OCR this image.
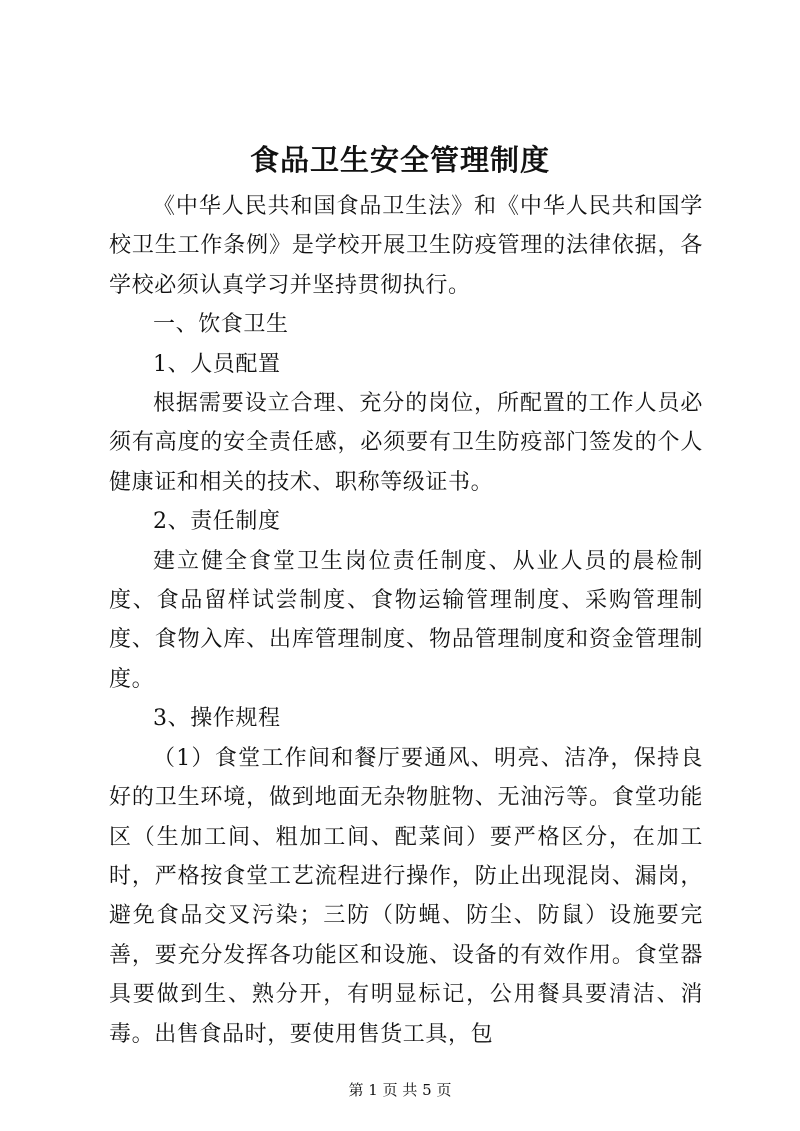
食品卫生安全管理制度

《中华人民共和国食品卫生法》和《中华人民共和国学校卫生工作条例》是学校开展卫生防疫管理的法律依据，各学校必须认真学习并坚持贯彻执行。

一、饮食卫生

1、人员配置

根据需要设立合理、充分的岗位，所配置的工作人员必须有高度的安全责任感，必须要有卫生防疫部门签发的个人健康证和相关的技术、职称等级证书。

2、责任制度

建立健全食堂卫生岗位责任制度、从业人员的晨检制度、食品留样试尝制度、食物运输管理制度、采购管理制度、食物入库、出库管理制度、物品管理制度和资金管理制度。

3、操作规程

（1）食堂工作间和餐厅要通风、明亮、洁净，保持良好的卫生环境，做到地面无杂物脏物、无油污等。食堂功能区（生加工间、粗加工间、配菜间）要严格区分，在加工时，严格按食堂工艺流程进行操作，防止出现混岗、漏岗，避免食品交叉污染；三防（防蝇、防尘、防鼠）设施要完善，要充分发挥各功能区和设施、设备的有效作用。食堂器具要做到生、熟分开，有明显标记，公用餐具要清洁、消毒。出售食品时，要使用售货工具，包

第 1 页 共 5 页
